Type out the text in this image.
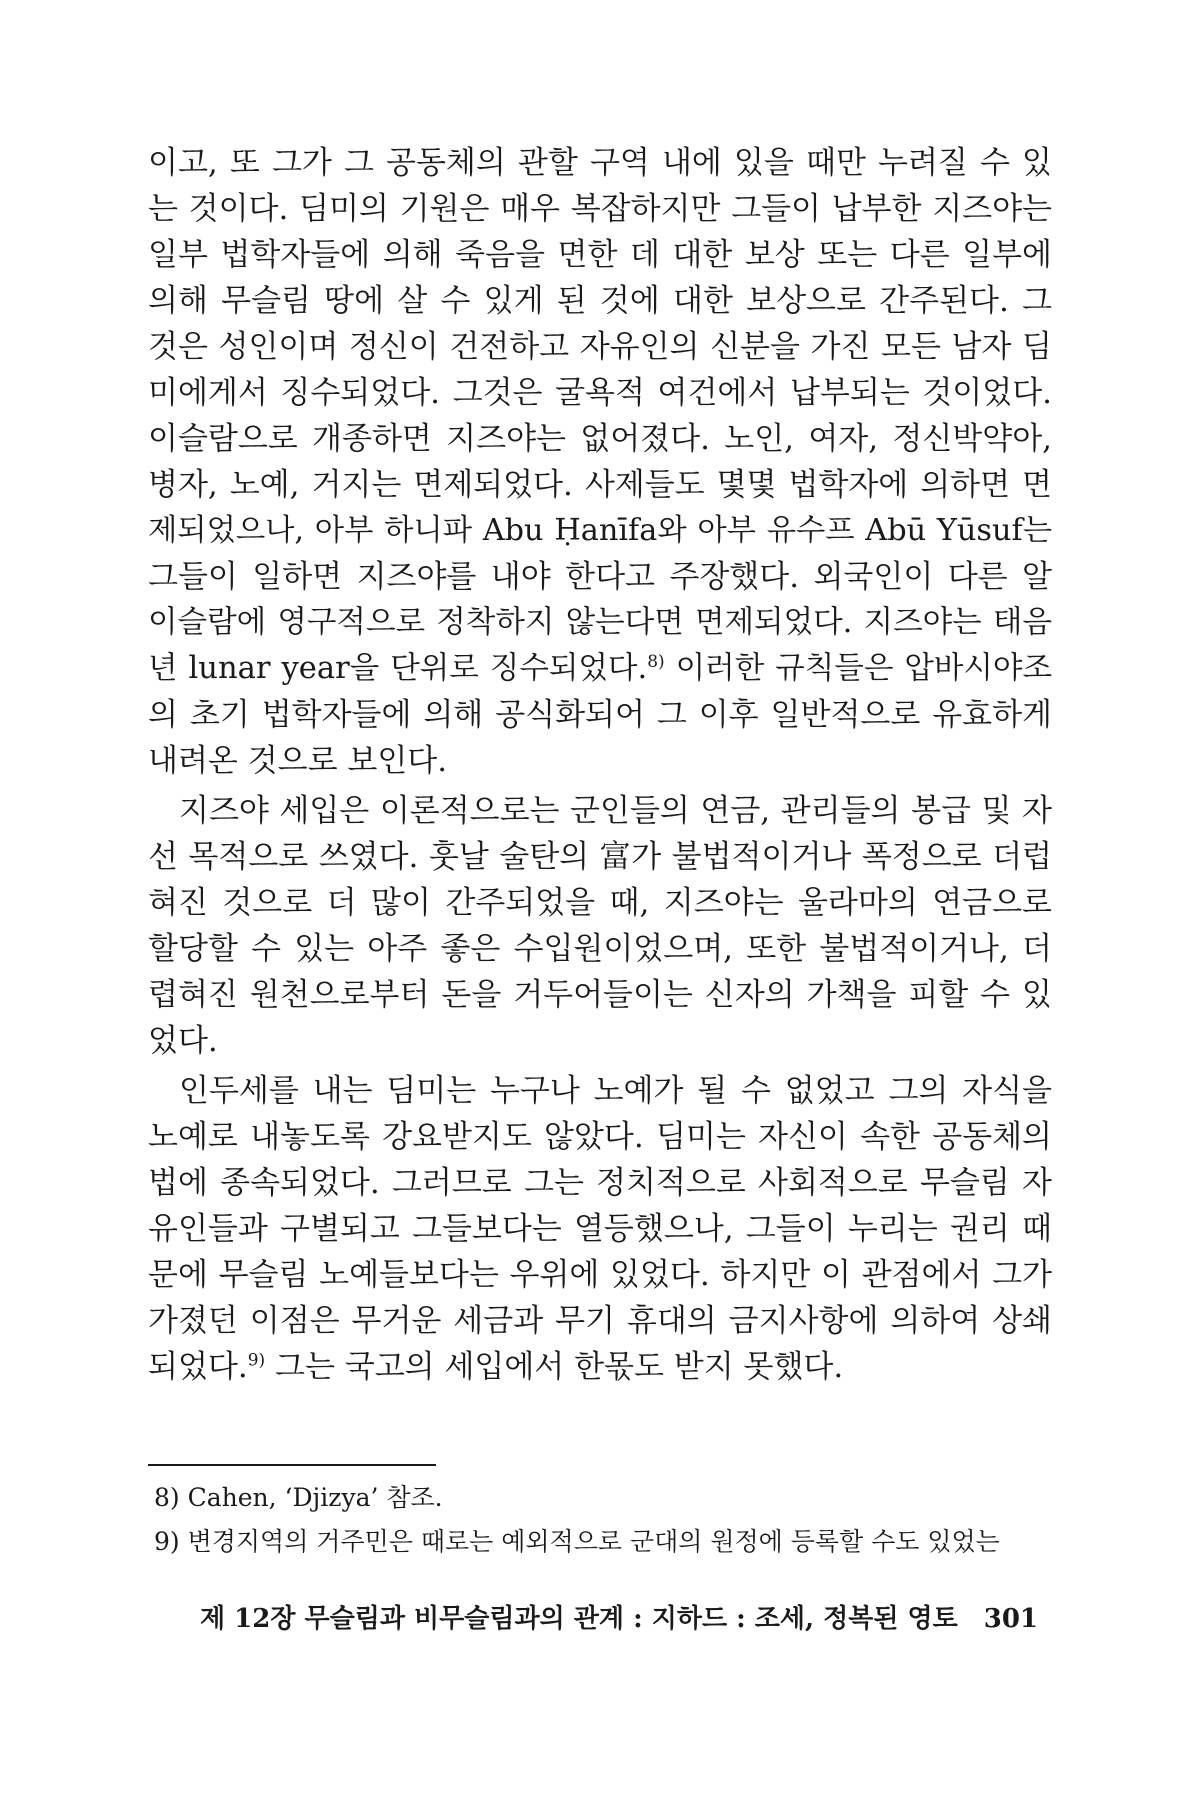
이고, 또 그가 그 공동체의 관할 구역 내에 있을 때만 누려질 수 있
는 것이다. 딤미의 기원은 매우 복잡하지만 그들이 납부한 지즈야는
일부 법학자들에 의해 죽음을 면한 데 대한 보상 또는 다른 일부에
의해 무슬림 땅에 살 수 있게 된 것에 대한 보상으로 간주된다. 그
것은 성인이며 정신이 건전하고 자유인의 신분을 가진 모든 남자 딤
미에게서 징수되었다. 그것은 굴욕적 여건에서 납부되는 것이었다.
이슬람으로 개종하면 지즈야는 없어졌다. 노인, 여자, 정신박약아,
병자, 노예, 거지는 면제되었다. 사제들도 몇몇 법학자에 의하면 면
제되었으나, 아부 하니파 Abu Ḥanīfa와 아부 유수프 Abū Yūsuf는
그들이 일하면 지즈야를 내야 한다고 주장했다. 외국인이 다른 알
이슬람에 영구적으로 정착하지 않는다면 면제되었다. 지즈야는 태음
년 lunar year을 단위로 징수되었다.$^{8)}$ 이러한 규칙들은 압바시야조
의 초기 법학자들에 의해 공식화되어 그 이후 일반적으로 유효하게
내려온 것으로 보인다.
지즈야 세입은 이론적으로는 군인들의 연금, 관리들의 봉급 및 자
선 목적으로 쓰였다. 훗날 술탄의 富가 불법적이거나 폭정으로 더럽
혀진 것으로 더 많이 간주되었을 때, 지즈야는 울라마의 연금으로
할당할 수 있는 아주 좋은 수입원이었으며, 또한 불법적이거나, 더
렵혀진 원천으로부터 돈을 거두어들이는 신자의 가책을 피할 수 있
었다.
인두세를 내는 딤미는 누구나 노예가 될 수 없었고 그의 자식을
노예로 내놓도록 강요받지도 않았다. 딤미는 자신이 속한 공동체의
법에 종속되었다. 그러므로 그는 정치적으로 사회적으로 무슬림 자
유인들과 구별되고 그들보다는 열등했으나, 그들이 누리는 권리 때
문에 무슬림 노예들보다는 우위에 있었다. 하지만 이 관점에서 그가
가졌던 이점은 무거운 세금과 무기 휴대의 금지사항에 의하여 상쇄
되었다.$^{9)}$ 그는 국고의 세입에서 한몫도 받지 못했다.
8) Cahen, ‘Djizya’ 참조.
9) 변경지역의 거주민은 때로는 예외적으로 군대의 원정에 등록할 수도 있었는
제 12장 무슬림과 비무슬림과의 관계 : 지하드 : 조세, 정복된 영토 301
